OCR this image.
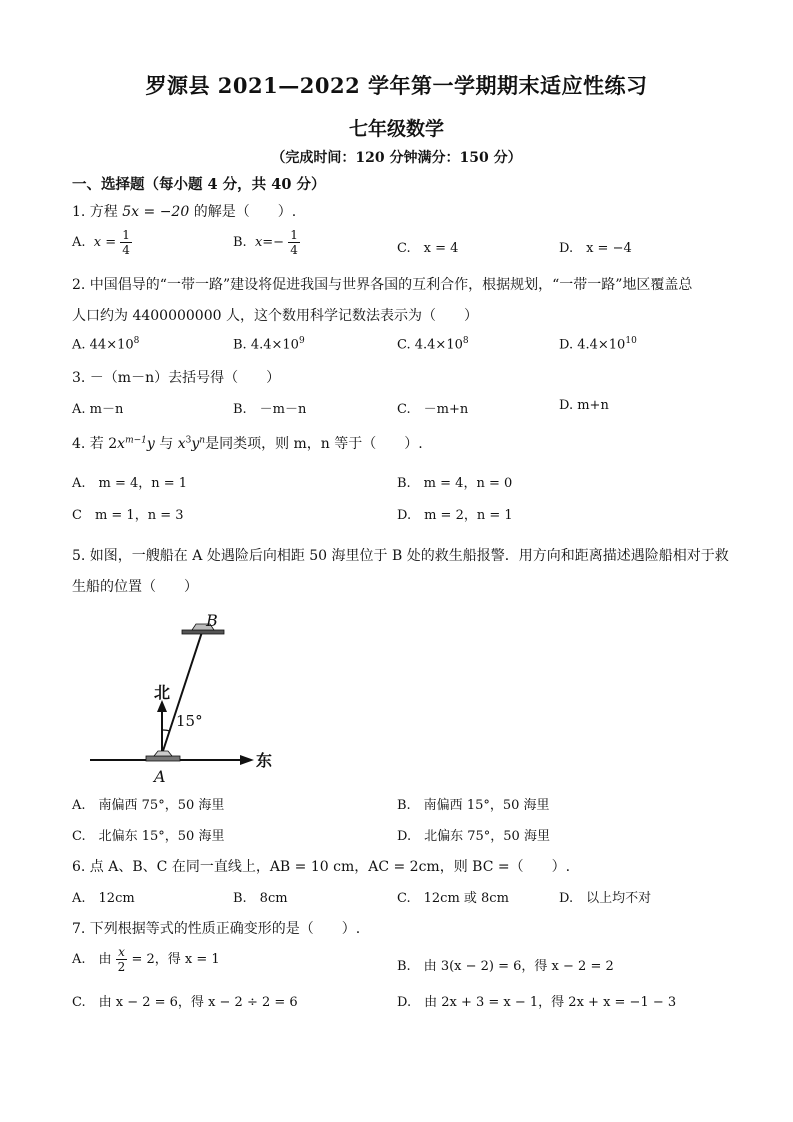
罗源县 2021—2022 学年第一学期期末适应性练习
七年级数学
（完成时间：120 分钟满分：150 分）
一、选择题（每小题 4 分，共 40 分）
1. 方程 5x = −20 的解是（　　）.
A. $x = \frac{1}{4}$	B. $x=- \frac{1}{4}$	C.　x = 4	D.　x = −4
2. 中国倡导的“一带一路”建设将促进我国与世界各国的互利合作，根据规划，“一带一路”地区覆盖总
人口约为 4400000000 人，这个数用科学记数法表示为（　　）
A. $44\times 10^8$	B. $4.4\times 10^9$	C. $4.4\times 10^8$	D. $4.4\times 10^{10}$
3. －（m－n）去括号得（　　）
A. m－n	B.　－m－n	C.　－m+n	D. m+n
4. 若 $2x^{m-1}y$ 与 $x^3y^n$是同类项，则 m，n 等于（　　）.
A.　m = 4，n = 1	B.　m = 4，n = 0
C　m = 1，n = 3	D.　m = 2，n = 1
5. 如图，一艘船在 A 处遇险后向相距 50 海里位于 B 处的救生船报警．用方向和距离描述遇险船相对于救
生船的位置（　　）
B
A
北
东
15°
A.　南偏西 75°，50 海里	B.　南偏西 15°，50 海里
C.　北偏东 15°，50 海里	D.　北偏东 75°，50 海里
6. 点 A、B、C 在同一直线上，AB = 10 cm，AC = 2cm，则 BC =（　　）.
A.　12cm	B.　8cm	C.　12cm 或 8cm	D.　以上均不对
7. 下列根据等式的性质正确变形的是（　　）.
A.　由 $\frac{x}{2} = 2$，得 x = 1	B.　由 3(x − 2) = 6，得 x − 2 = 2
C.　由 x − 2 = 6，得 x − 2 ÷ 2 = 6	D.　由 2x + 3 = x − 1，得 2x + x = −1 − 3
